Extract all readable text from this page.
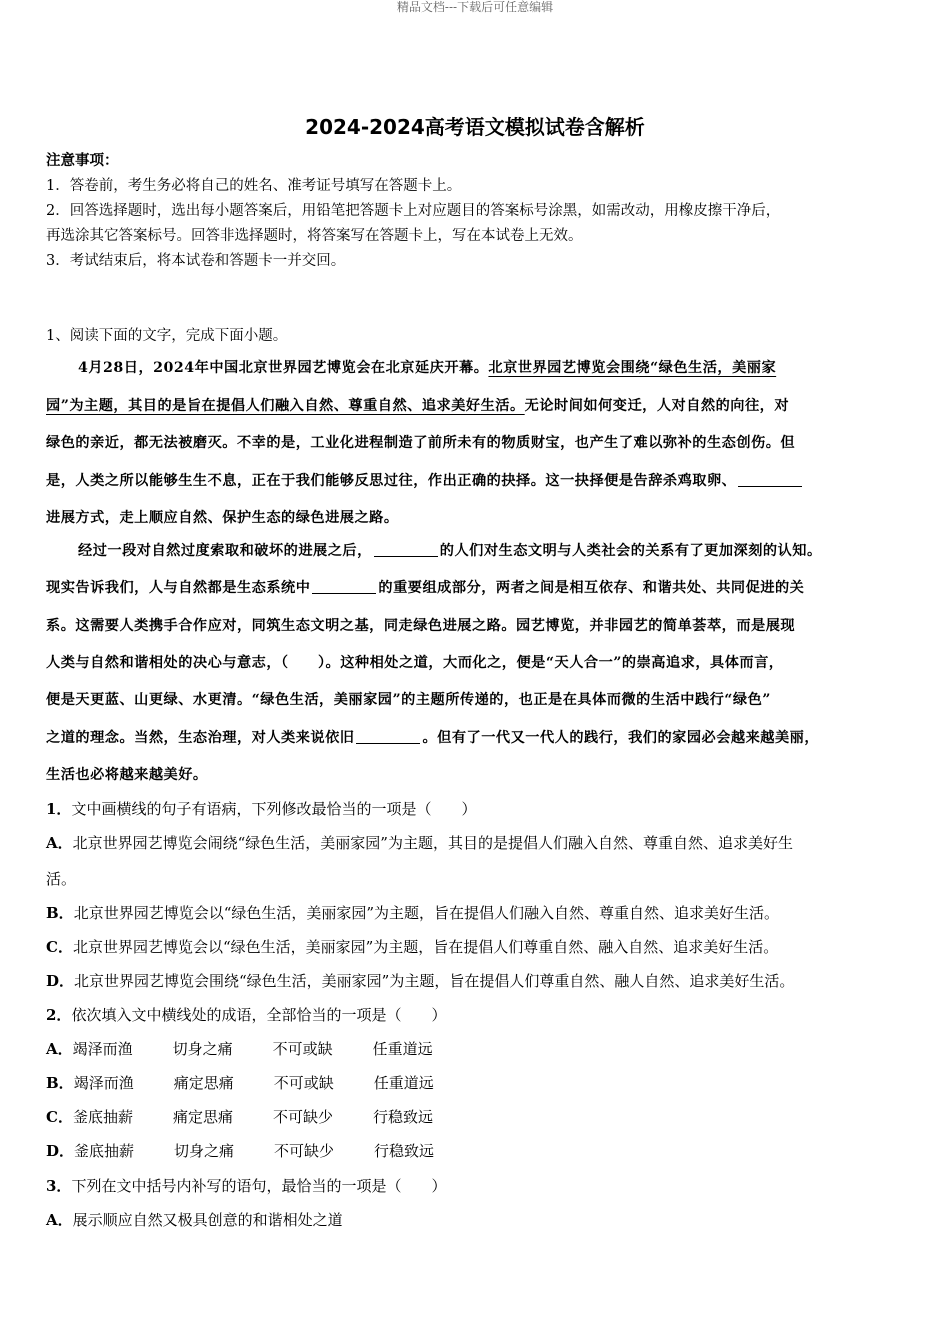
精品文档---下载后可任意编辑
2024-2024高考语文模拟试卷含解析
注意事项：
1．答卷前，考生务必将自己的姓名、准考证号填写在答题卡上。
2．回答选择题时，选出每小题答案后，用铅笔把答题卡上对应题目的答案标号涂黑，如需改动，用橡皮擦干净后，
再选涂其它答案标号。回答非选择题时，将答案写在答题卡上，写在本试卷上无效。
3．考试结束后，将本试卷和答题卡一并交回。
1、阅读下面的文字，完成下面小题。
4月28日，2024年中国北京世界园艺博览会在北京延庆开幕。北京世界园艺博览会围绕“绿色生活，美丽家
园”为主题，其目的是旨在提倡人们融入自然、尊重自然、追求美好生活。无论时间如何变迁，人对自然的向往，对
绿色的亲近，都无法被磨灭。不幸的是，工业化进程制造了前所未有的物质财宝，也产生了难以弥补的生态创伤。但
是，人类之所以能够生生不息，正在于我们能够反思过往，作出正确的抉择。这一抉择便是告辞杀鸡取卵、
进展方式，走上顺应自然、保护生态的绿色进展之路。
经过一段对自然过度索取和破坏的进展之后，	的人们对生态文明与人类社会的关系有了更加深刻的认知。
现实告诉我们，人与自然都是生态系统中	的重要组成部分，两者之间是相互依存、和谐共处、共同促进的关
系。这需要人类携手合作应对，同筑生态文明之基，同走绿色进展之路。园艺博览，并非园艺的简单荟萃，而是展现
人类与自然和谐相处的决心与意志，（　　）。这种相处之道，大而化之，便是“天人合一”的崇高追求，具体而言，
便是天更蓝、山更绿、水更清。“绿色生活，美丽家园”的主题所传递的，也正是在具体而微的生活中践行“绿色”
之道的理念。当然，生态治理，对人类来说依旧	。但有了一代又一代人的践行，我们的家园必会越来越美丽，
生活也必将越来越美好。
1．文中画横线的句子有语病，下列修改最恰当的一项是（　　）
A．北京世界园艺博览会闹绕“绿色生活，美丽家园”为主题，其目的是提倡人们融入自然、尊重自然、追求美好生
活。
B．北京世界园艺博览会以“绿色生活，美丽家园”为主题，旨在提倡人们融入自然、尊重自然、追求美好生活。
C．北京世界园艺博览会以“绿色生活，美丽家园”为主题，旨在提倡人们尊重自然、融入自然、追求美好生活。
D．北京世界园艺博览会围绕“绿色生活，美丽家园”为主题，旨在提倡人们尊重自然、融人自然、追求美好生活。
2．依次填入文中横线处的成语，全部恰当的一项是（　　）
A．竭泽而渔	切身之痛	不可或缺	任重道远
B．竭泽而渔	痛定思痛	不可或缺	任重道远
C．釜底抽薪	痛定思痛	不可缺少	行稳致远
D．釜底抽薪	切身之痛	不可缺少	行稳致远
3．下列在文中括号内补写的语句，最恰当的一项是（　　）
A．展示顺应自然又极具创意的和谐相处之道
